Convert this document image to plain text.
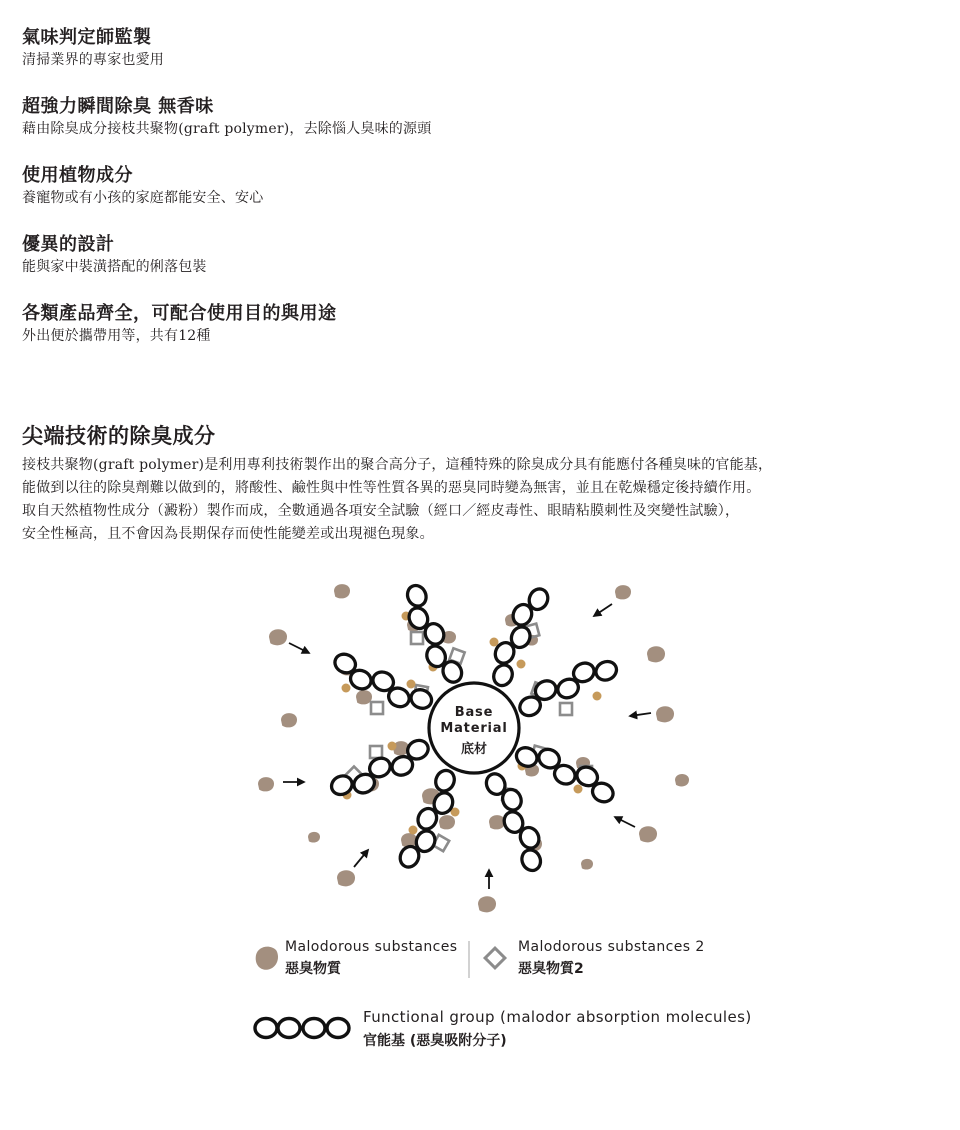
氣味判定師監製

清掃業界的專家也愛用

超強力瞬間除臭 無香味

藉由除臭成分接枝共聚物(graft polymer)，去除惱人臭味的源頭

使用植物成分

養寵物或有小孩的家庭都能安全、安心

優異的設計

能與家中裝潢搭配的俐落包裝

各類產品齊全，可配合使用目的與用途

外出便於攜帶用等，共有12種

尖端技術的除臭成分

接枝共聚物(graft polymer)是利用專利技術製作出的聚合高分子，這種特殊的除臭成分具有能應付各種臭味的官能基，

能做到以往的除臭劑難以做到的，將酸性、鹼性與中性等性質各異的惡臭同時變為無害，並且在乾燥穩定後持續作用。

取自天然植物性成分（澱粉）製作而成，全數通過各項安全試驗（經口／經皮毒性、眼睛粘膜刺性及突變性試驗），

安全性極高，且不會因為長期保存而使性能變差或出現褪色現象。

Base
Material
底材
Malodorous substances
惡臭物質
Malodorous substances 2
惡臭物質2
Functional group (malodor absorption molecules)
官能基 (惡臭吸附分子)
